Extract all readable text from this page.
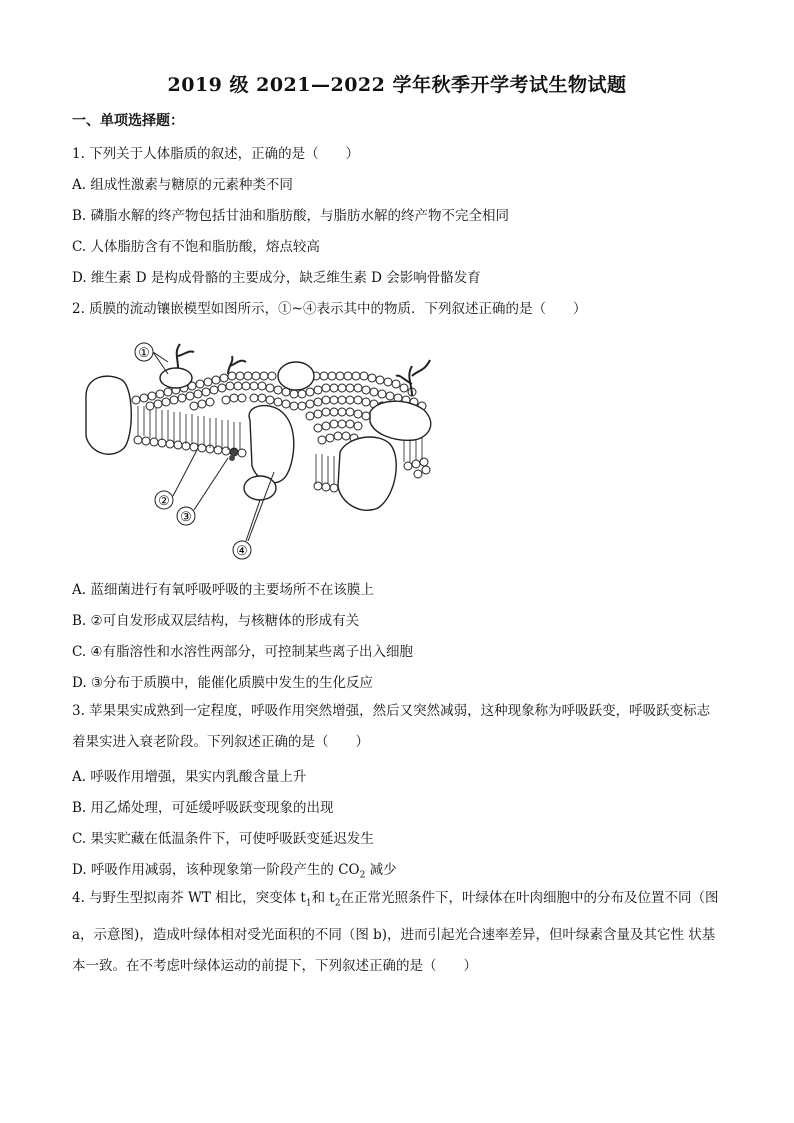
2019 级 2021—2022 学年秋季开学考试生物试题
一、单项选择题：
1. 下列关于人体脂质的叙述，正确的是（　　）
A. 组成性激素与糖原的元素种类不同
B. 磷脂水解的终产物包括甘油和脂肪酸，与脂肪水解的终产物不完全相同
C. 人体脂肪含有不饱和脂肪酸，熔点较高
D. 维生素 D 是构成骨骼的主要成分，缺乏维生素 D 会影响骨骼发育
2. 质膜的流动镶嵌模型如图所示，①~④表示其中的物质．下列叙述正确的是（　　）
①
②
③
④
A. 蓝细菌进行有氧呼吸呼吸的主要场所不在该膜上
B. ②可自发形成双层结构，与核糖体的形成有关
C. ④有脂溶性和水溶性两部分，可控制某些离子出入细胞
D. ③分布于质膜中，能催化质膜中发生的生化反应
3. 苹果果实成熟到一定程度，呼吸作用突然增强，然后又突然减弱，这种现象称为呼吸跃变，呼吸跃变标志着果实进入衰老阶段。下列叙述正确的是（　　）
A. 呼吸作用增强，果实内乳酸含量上升
B. 用乙烯处理，可延缓呼吸跃变现象的出现
C. 果实贮藏在低温条件下，可使呼吸跃变延迟发生
D. 呼吸作用减弱，该种现象第一阶段产生的 $CO_2$ 减少
4. 与野生型拟南芥 WT 相比，突变体 $t_1$和 $t_2$在正常光照条件下，叶绿体在叶肉细胞中的分布及位置不同（图 a，示意图)，造成叶绿体相对受光面积的不同（图 b)，进而引起光合速率差异，但叶绿素含量及其它性 状基本一致。在不考虑叶绿体运动的前提下，下列叙述正确的是（　　）
